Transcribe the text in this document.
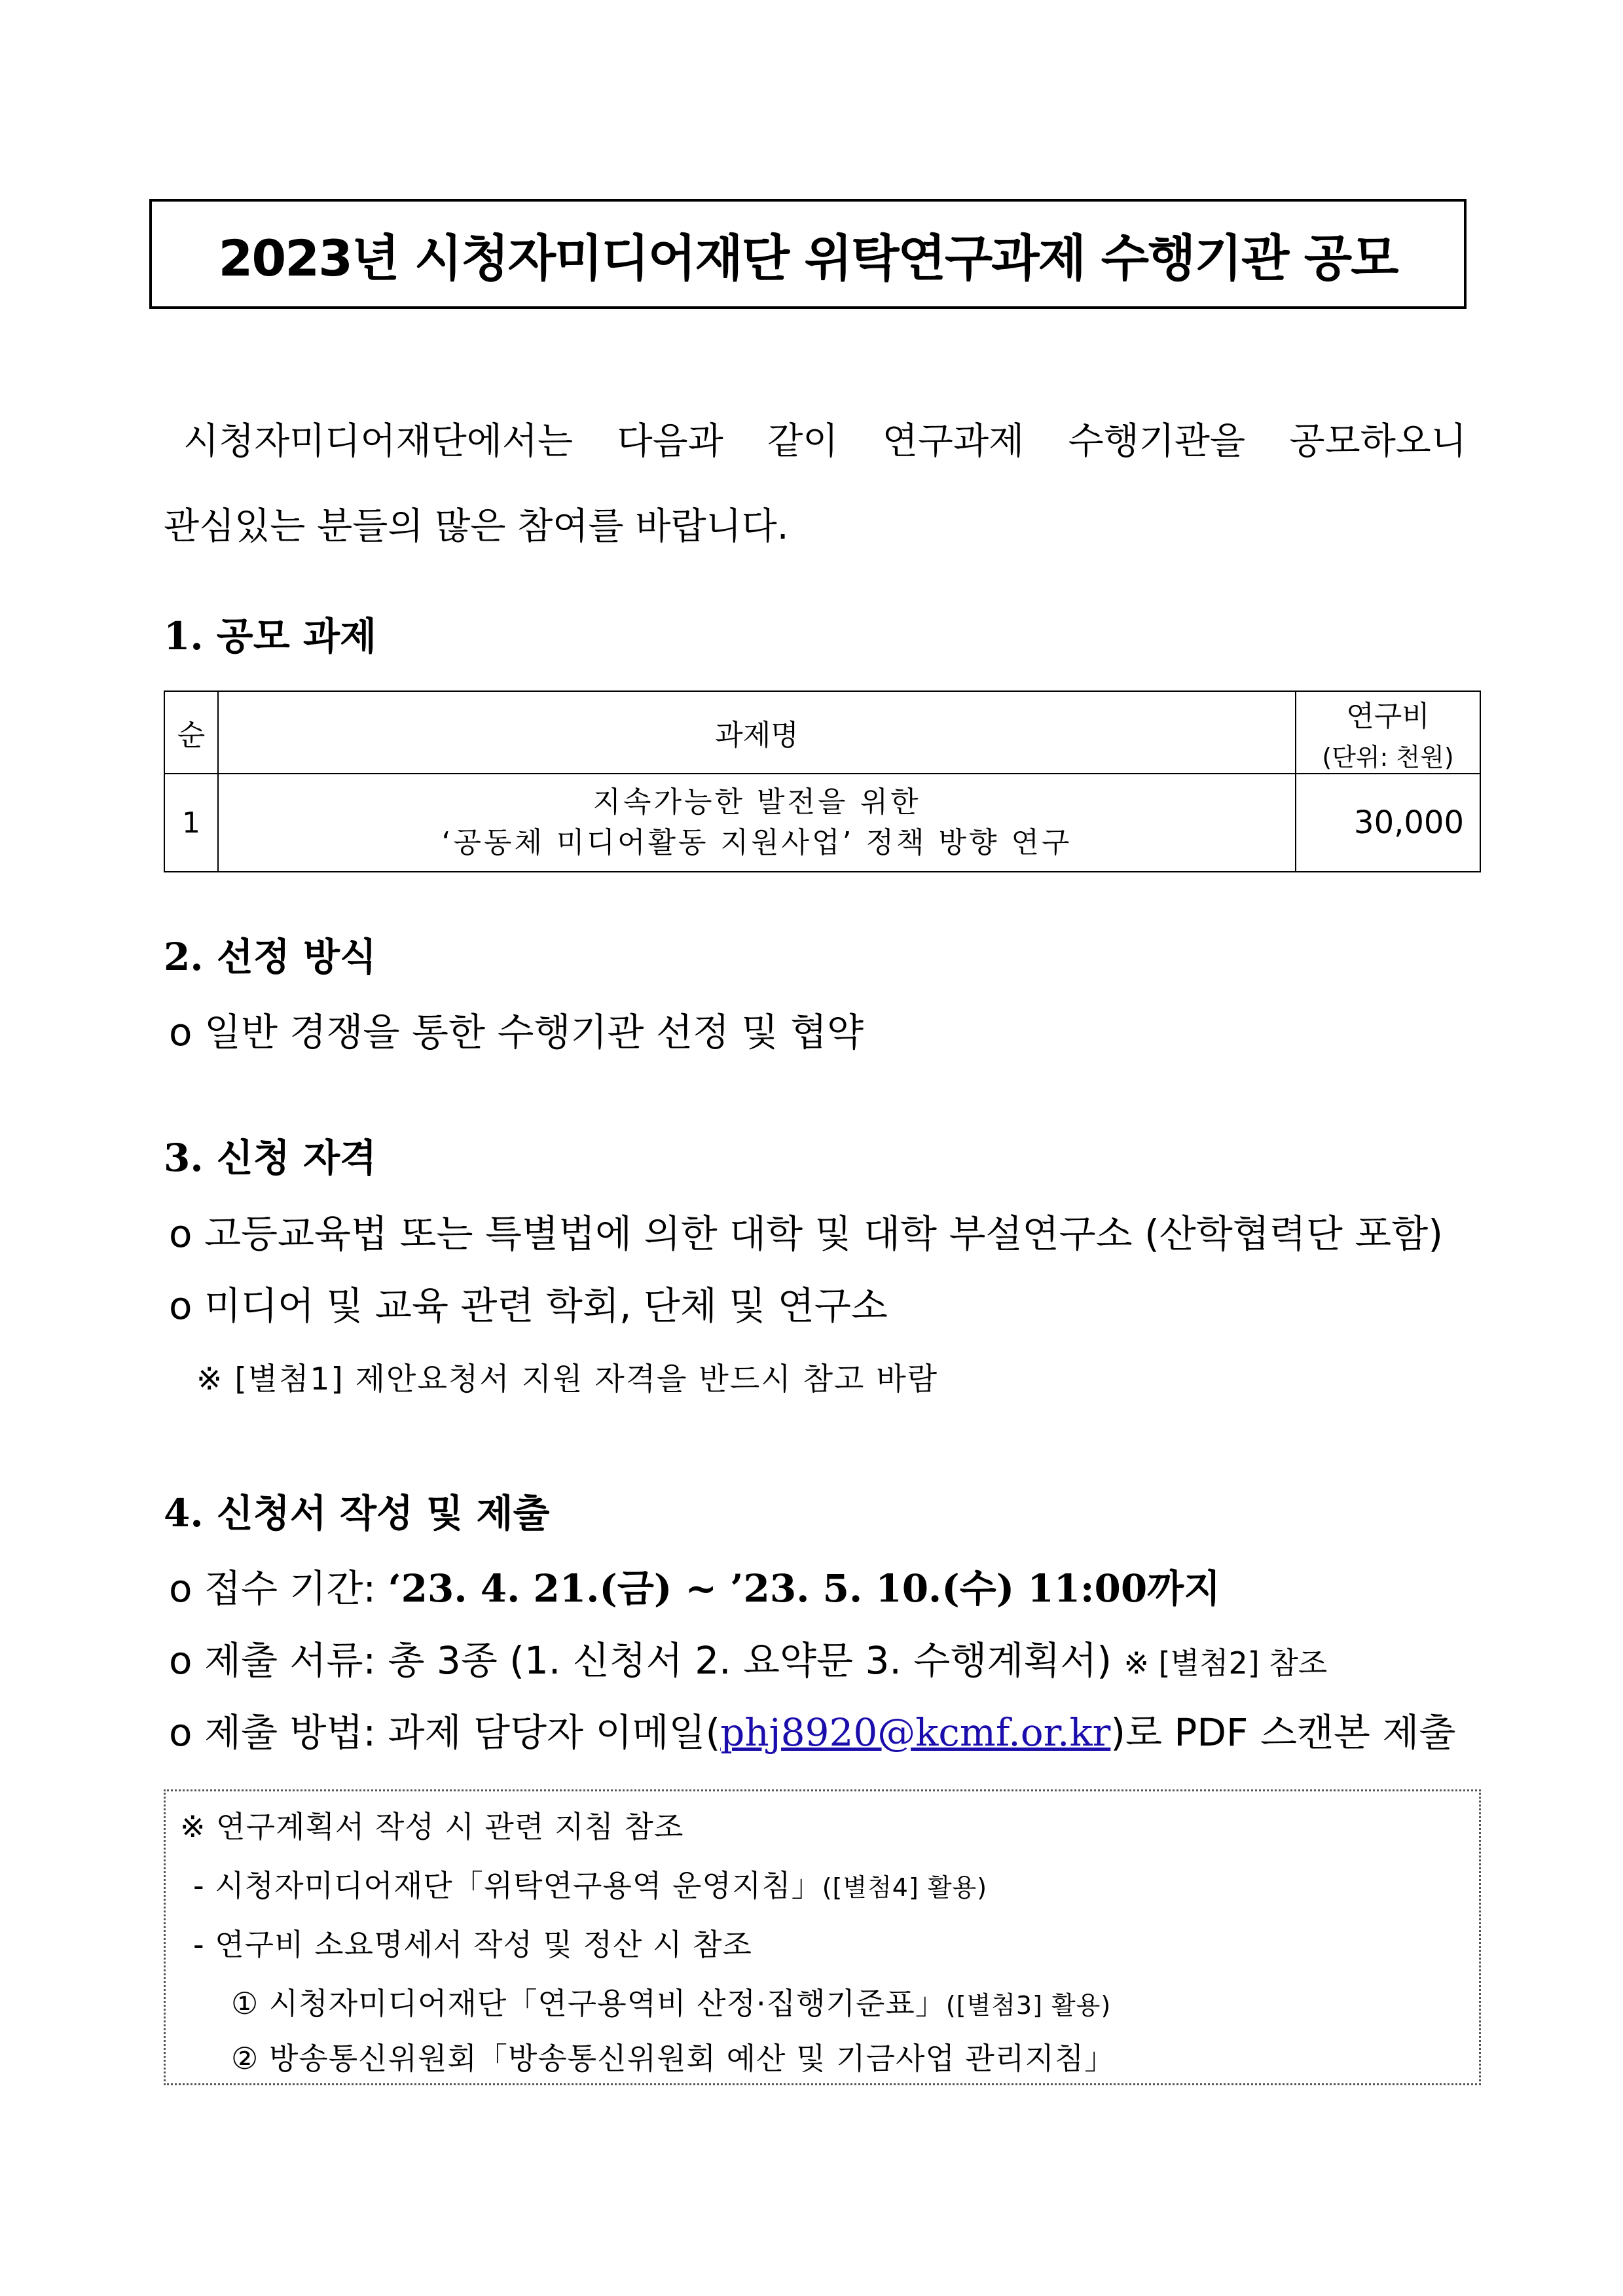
2023년 시청자미디어재단 위탁연구과제 수행기관 공모
시청자미디어재단에서는 다음과 같이 연구과제 수행기관을 공모하오니
관심있는 분들의 많은 참여를 바랍니다.
1. 공모 과제
순	과제명	연구비
(단위: 천원)

1	지속가능한 발전을 위한
‘공동체 미디어활동 지원사업’ 정책 방향 연구	30,000
2. 선정 방식
o 일반 경쟁을 통한 수행기관 선정 및 협약
3. 신청 자격
o 고등교육법 또는 특별법에 의한 대학 및 대학 부설연구소 (산학협력단 포함)
o 미디어 및 교육 관련 학회, 단체 및 연구소
※ [별첨1] 제안요청서 지원 자격을 반드시 참고 바람
4. 신청서 작성 및 제출
o 접수 기간: ‘23. 4. 21.(금) ~ ’23. 5. 10.(수) 11:00까지
o 제출 서류: 총 3종 (1. 신청서 2. 요약문 3. 수행계획서) ※ [별첨2] 참조
o 제출 방법: 과제 담당자 이메일(phj8920@kcmf.or.kr)로 PDF 스캔본 제출
※ 연구계획서 작성 시 관련 지침 참조
- 시청자미디어재단「위탁연구용역 운영지침」([별첨4] 활용)
- 연구비 소요명세서 작성 및 정산 시 참조
① 시청자미디어재단「연구용역비 산정·집행기준표」([별첨3] 활용)
② 방송통신위원회「방송통신위원회 예산 및 기금사업 관리지침」
